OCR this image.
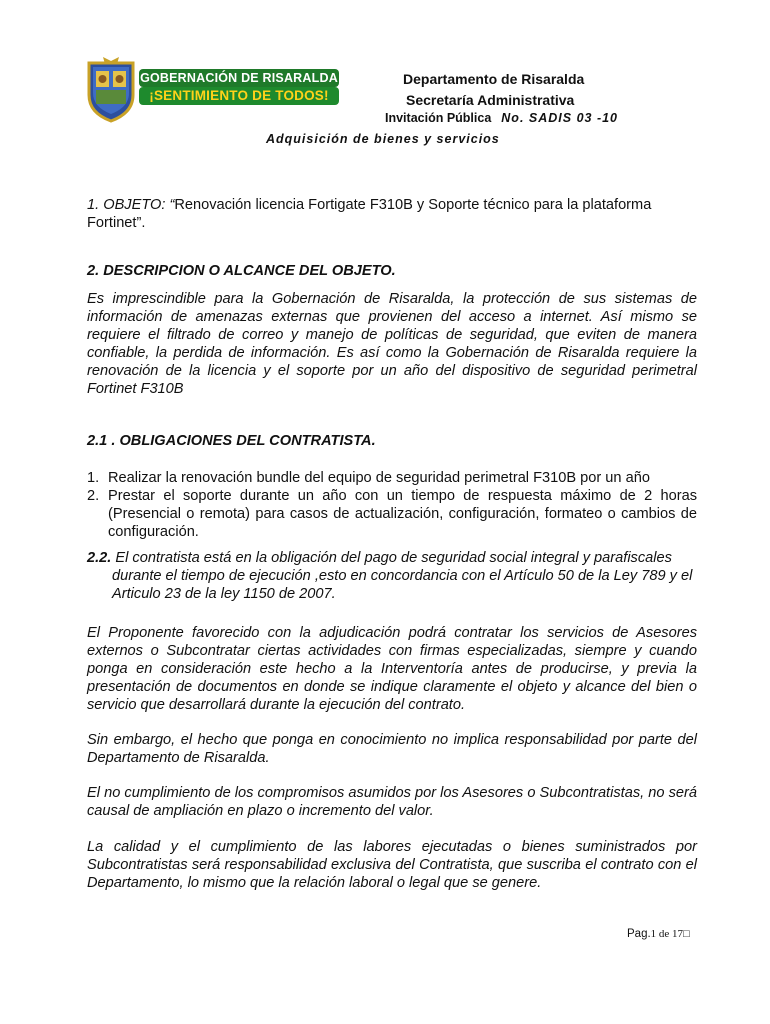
GOBERNACIÓN DE RISARALDA
¡SENTIMIENTO DE TODOS!
Departamento de Risaralda
Secretaría Administrativa
Invitación Pública No. SADIS 03 -10
Adquisición de bienes y servicios
1. OBJETO: “Renovación licencia Fortigate F310B y Soporte técnico para la plataforma Fortinet”.
2. DESCRIPCION O ALCANCE DEL OBJETO.
Es imprescindible para la Gobernación de Risaralda, la protección de sus sistemas de información de amenazas externas que provienen del acceso a internet. Así mismo se requiere el filtrado de correo y manejo de políticas de seguridad, que eviten de manera confiable, la perdida de información. Es así como la Gobernación de Risaralda requiere la renovación de la licencia y el soporte por un año del dispositivo de seguridad perimetral Fortinet F310B
2.1 . OBLIGACIONES DEL CONTRATISTA.
1. Realizar la renovación bundle del equipo de seguridad perimetral F310B por un año
2. Prestar el soporte durante un año con un tiempo de respuesta máximo de 2 horas (Presencial o remota) para casos de actualización, configuración, formateo o cambios de configuración.
2.2. El contratista está en la obligación del pago de seguridad social integral y parafiscales
durante el tiempo de ejecución ,esto en concordancia con el Artículo 50 de la Ley 789 y el Articulo 23 de la ley 1150 de 2007.
El Proponente favorecido con la adjudicación podrá contratar los servicios de Asesores externos o Subcontratar ciertas actividades con firmas especializadas, siempre y cuando ponga en consideración este hecho a la Interventoría antes de producirse, y previa la presentación de documentos en donde se indique claramente el objeto y alcance del bien o servicio que desarrollará durante la ejecución del contrato.
Sin embargo, el hecho que ponga en conocimiento no implica responsabilidad por parte del Departamento de Risaralda.
El no cumplimiento de los compromisos asumidos por los Asesores o Subcontratistas, no será causal de ampliación en plazo o incremento del valor.
La calidad y el cumplimiento de las labores ejecutadas o bienes suministrados por Subcontratistas será responsabilidad exclusiva del Contratista, que suscriba el contrato con el Departamento, lo mismo que la relación laboral o legal que se genere.
Pag.1 de 17□
